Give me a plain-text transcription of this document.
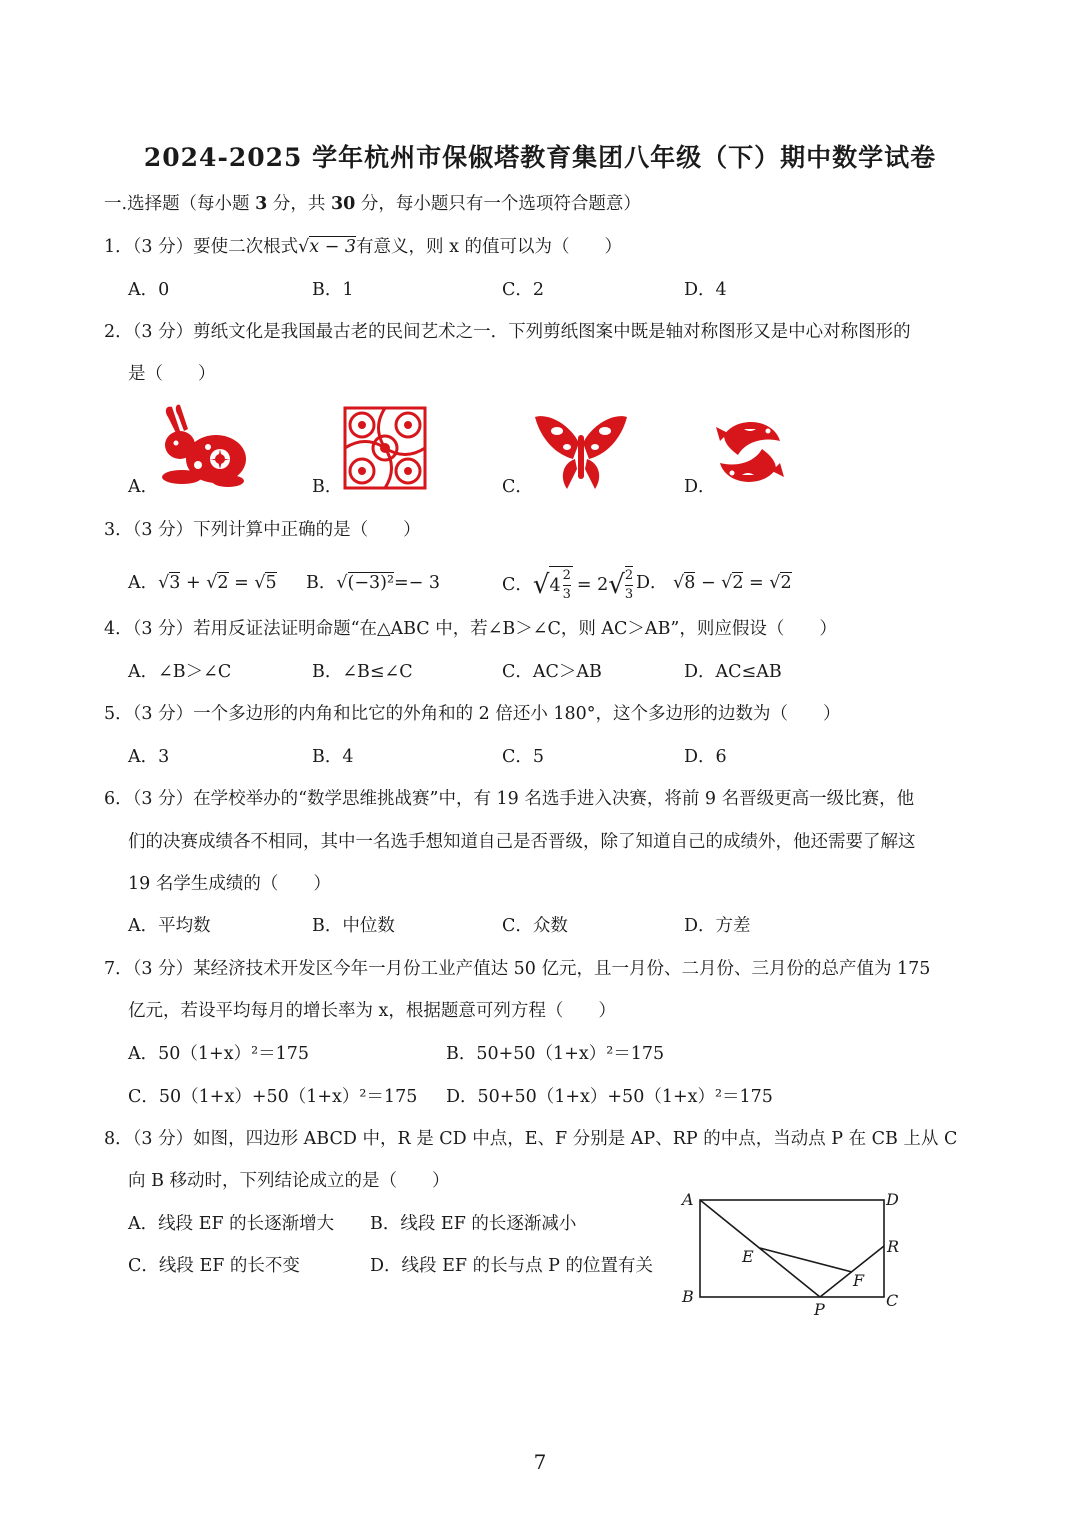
2024-2025 学年杭州市保俶塔教育集团八年级（下）期中数学试卷
一.选择题（每小题 3 分，共 30 分，每小题只有一个选项符合题意）
1．（3 分）要使二次根式√x − 3有意义，则 x 的值可以为（　　）
A．0	B．1	C．2	D．4
2．（3 分）剪纸文化是我国最古老的民间艺术之一．下列剪纸图案中既是轴对称图形又是中心对称图形的
是（　　）
A．	B．	C．	D．
3．（3 分）下列计算中正确的是（　　）
A．√3 + √2 = √5 B．√(−3)²=− 3	C． √ $4 \frac{2}{3} = 2$ √ $\frac{2}{3}$ D． √8 − √2 = √2
4．（3 分）若用反证法证明命题“在△ABC 中，若∠B＞∠C，则 AC＞AB”，则应假设（　　）
A．∠B＞∠C	B．∠B≤∠C	C．AC＞AB	D．AC≤AB
5．（3 分）一个多边形的内角和比它的外角和的 2 倍还小 180°，这个多边形的边数为（　　）
A．3	B．4	C．5	D．6
6．（3 分）在学校举办的“数学思维挑战赛”中，有 19 名选手进入决赛，将前 9 名晋级更高一级比赛，他
们的决赛成绩各不相同，其中一名选手想知道自己是否晋级，除了知道自己的成绩外，他还需要了解这
19 名学生成绩的（　　）
A．平均数	B．中位数	C．众数	D．方差
7．（3 分）某经济技术开发区今年一月份工业产值达 50 亿元，且一月份、二月份、三月份的总产值为 175
亿元，若设平均每月的增长率为 x，根据题意可列方程（　　）
A．50（1+x）²＝175	B．50+50（1+x）²＝175
C．50（1+x）+50（1+x）²＝175 D．50+50（1+x）+50（1+x）²＝175
8．（3 分）如图，四边形 ABCD 中，R 是 CD 中点，E、F 分别是 AP、RP 的中点，当动点 P 在 CB 上从 C
向 B 移动时，下列结论成立的是（　　）
A．线段 EF 的长逐渐增大 B．线段 EF 的长逐渐减小
C．线段 EF 的长不变	D．线段 EF 的长与点 P 的位置有关
A	D
E
R
F
B
P	C
7
